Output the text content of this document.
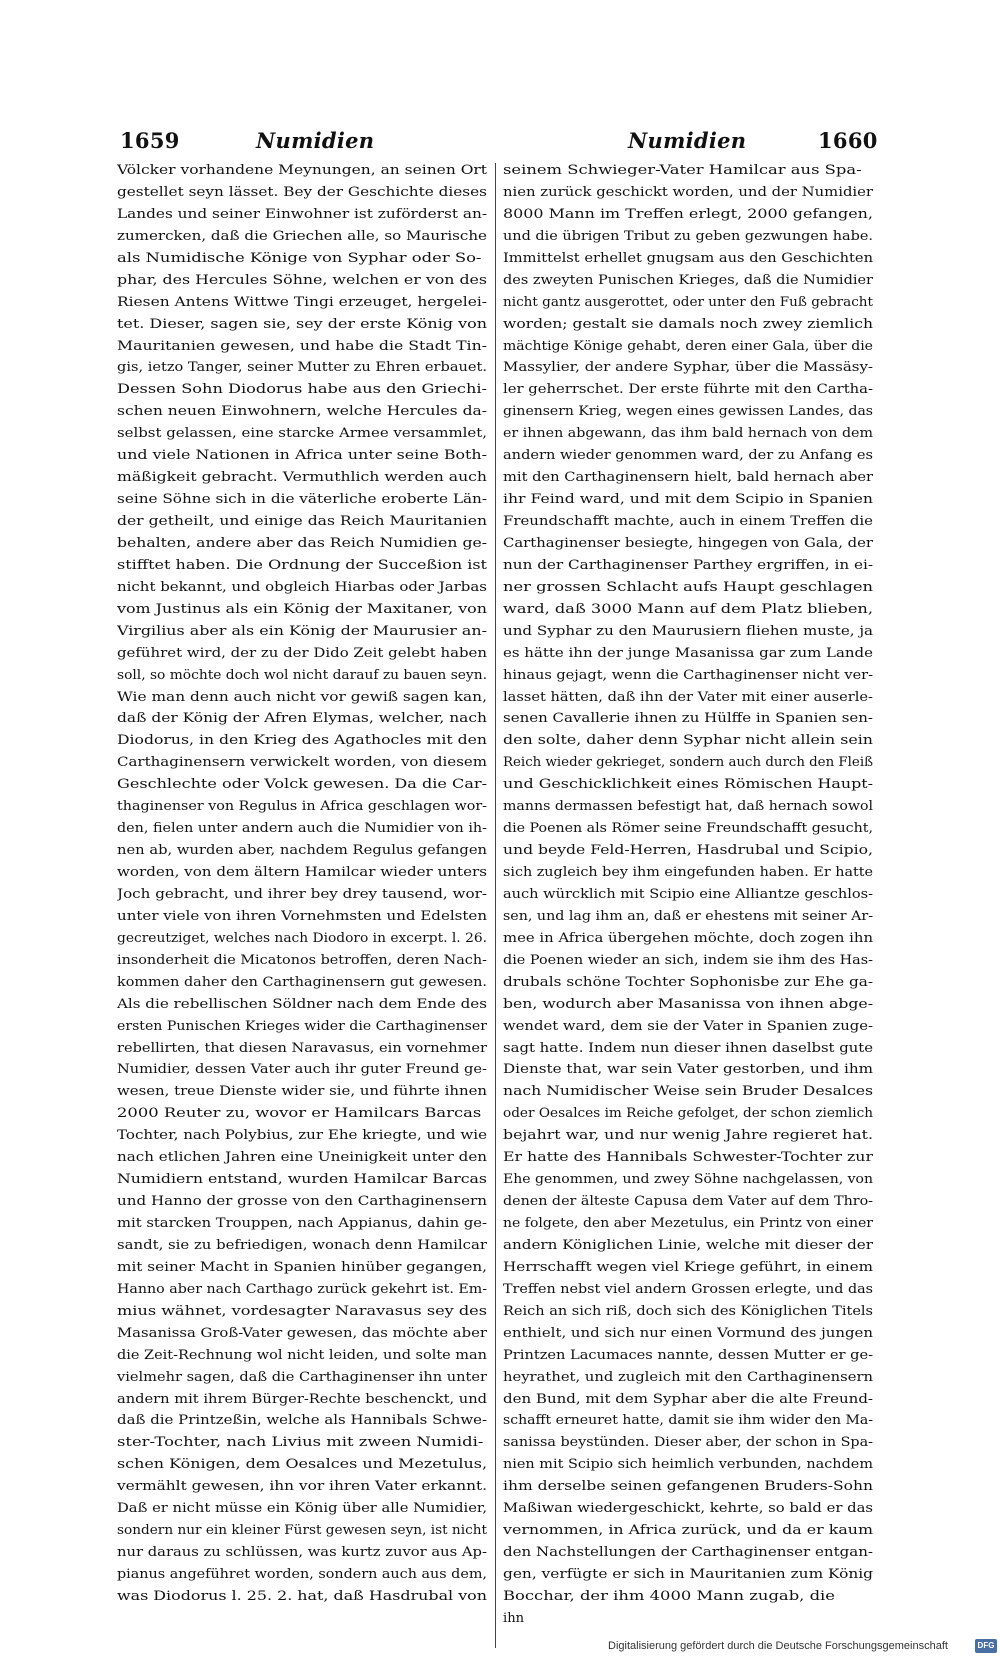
1659	Numidien	Numidien	1660
Völcker vorhandene Meynungen, an seinen Ort
gestellet seyn lässet. Bey der Geschichte dieses
Landes und seiner Einwohner ist zuförderst an-
zumercken, daß die Griechen alle, so Maurische
als Numidische Könige von Syphar oder So-
phar, des Hercules Söhne, welchen er von des
Riesen Antens Wittwe Tingi erzeuget, hergelei-
tet. Dieser, sagen sie, sey der erste König von
Mauritanien gewesen, und habe die Stadt Tin-
gis, ietzo Tanger, seiner Mutter zu Ehren erbauet.
Dessen Sohn Diodorus habe aus den Griechi-
schen neuen Einwohnern, welche Hercules da-
selbst gelassen, eine starcke Armee versammlet,
und viele Nationen in Africa unter seine Both-
mäßigkeit gebracht. Vermuthlich werden auch
seine Söhne sich in die väterliche eroberte Län-
der getheilt, und einige das Reich Mauritanien
behalten, andere aber das Reich Numidien ge-
stifftet haben. Die Ordnung der Succeßion ist
nicht bekannt, und obgleich Hiarbas oder Jarbas
vom Justinus als ein König der Maxitaner, von
Virgilius aber als ein König der Maurusier an-
geführet wird, der zu der Dido Zeit gelebt haben
soll, so möchte doch wol nicht darauf zu bauen seyn.
Wie man denn auch nicht vor gewiß sagen kan,
daß der König der Afren Elymas, welcher, nach
Diodorus, in den Krieg des Agathocles mit den
Carthaginensern verwickelt worden, von diesem
Geschlechte oder Volck gewesen. Da die Car-
thaginenser von Regulus in Africa geschlagen wor-
den, fielen unter andern auch die Numidier von ih-
nen ab, wurden aber, nachdem Regulus gefangen
worden, von dem ältern Hamilcar wieder unters
Joch gebracht, und ihrer bey drey tausend, wor-
unter viele von ihren Vornehmsten und Edelsten
gecreutziget, welches nach Diodoro in excerpt. l. 26.
insonderheit die Micatonos betroffen, deren Nach-
kommen daher den Carthaginensern gut gewesen.
Als die rebellischen Söldner nach dem Ende des
ersten Punischen Krieges wider die Carthaginenser
rebellirten, that diesen Naravasus, ein vornehmer
Numidier, dessen Vater auch ihr guter Freund ge-
wesen, treue Dienste wider sie, und führte ihnen
2000 Reuter zu, wovor er Hamilcars Barcas
Tochter, nach Polybius, zur Ehe kriegte, und wie
nach etlichen Jahren eine Uneinigkeit unter den
Numidiern entstand, wurden Hamilcar Barcas
und Hanno der grosse von den Carthaginensern
mit starcken Trouppen, nach Appianus, dahin ge-
sandt, sie zu befriedigen, wonach denn Hamilcar
mit seiner Macht in Spanien hinüber gegangen,
Hanno aber nach Carthago zurück gekehrt ist. Em-
mius wähnet, vordesagter Naravasus sey des
Masanissa Groß-Vater gewesen, das möchte aber
die Zeit-Rechnung wol nicht leiden, und solte man
vielmehr sagen, daß die Carthaginenser ihn unter
andern mit ihrem Bürger-Rechte beschenckt, und
daß die Printzeßin, welche als Hannibals Schwe-
ster-Tochter, nach Livius mit zween Numidi-
schen Königen, dem Oesalces und Mezetulus,
vermählt gewesen, ihn vor ihren Vater erkannt.
Daß er nicht müsse ein König über alle Numidier,
sondern nur ein kleiner Fürst gewesen seyn, ist nicht
nur daraus zu schlüssen, was kurtz zuvor aus Ap-
pianus angeführet worden, sondern auch aus dem,
was Diodorus l. 25. 2. hat, daß Hasdrubal von
seinem Schwieger-Vater Hamilcar aus Spa-
nien zurück geschickt worden, und der Numidier
8000 Mann im Treffen erlegt, 2000 gefangen,
und die übrigen Tribut zu geben gezwungen habe.
Immittelst erhellet gnugsam aus den Geschichten
des zweyten Punischen Krieges, daß die Numidier
nicht gantz ausgerottet, oder unter den Fuß gebracht
worden; gestalt sie damals noch zwey ziemlich
mächtige Könige gehabt, deren einer Gala, über die
Massylier, der andere Syphar, über die Massäsy-
ler geherrschet. Der erste führte mit den Cartha-
ginensern Krieg, wegen eines gewissen Landes, das
er ihnen abgewann, das ihm bald hernach von dem
andern wieder genommen ward, der zu Anfang es
mit den Carthaginensern hielt, bald hernach aber
ihr Feind ward, und mit dem Scipio in Spanien
Freundschafft machte, auch in einem Treffen die
Carthaginenser besiegte, hingegen von Gala, der
nun der Carthaginenser Parthey ergriffen, in ei-
ner grossen Schlacht aufs Haupt geschlagen
ward, daß 3000 Mann auf dem Platz blieben,
und Syphar zu den Maurusiern fliehen muste, ja
es hätte ihn der junge Masanissa gar zum Lande
hinaus gejagt, wenn die Carthaginenser nicht ver-
lasset hätten, daß ihn der Vater mit einer auserle-
senen Cavallerie ihnen zu Hülffe in Spanien sen-
den solte, daher denn Syphar nicht allein sein
Reich wieder gekrieget, sondern auch durch den Fleiß
und Geschicklichkeit eines Römischen Haupt-
manns dermassen befestigt hat, daß hernach sowol
die Poenen als Römer seine Freundschafft gesucht,
und beyde Feld-Herren, Hasdrubal und Scipio,
sich zugleich bey ihm eingefunden haben. Er hatte
auch würcklich mit Scipio eine Alliantze geschlos-
sen, und lag ihm an, daß er ehestens mit seiner Ar-
mee in Africa übergehen möchte, doch zogen ihn
die Poenen wieder an sich, indem sie ihm des Has-
drubals schöne Tochter Sophonisbe zur Ehe ga-
ben, wodurch aber Masanissa von ihnen abge-
wendet ward, dem sie der Vater in Spanien zuge-
sagt hatte. Indem nun dieser ihnen daselbst gute
Dienste that, war sein Vater gestorben, und ihm
nach Numidischer Weise sein Bruder Desalces
oder Oesalces im Reiche gefolget, der schon ziemlich
bejahrt war, und nur wenig Jahre regieret hat.
Er hatte des Hannibals Schwester-Tochter zur
Ehe genommen, und zwey Söhne nachgelassen, von
denen der älteste Capusa dem Vater auf dem Thro-
ne folgete, den aber Mezetulus, ein Printz von einer
andern Königlichen Linie, welche mit dieser der
Herrschafft wegen viel Kriege geführt, in einem
Treffen nebst viel andern Grossen erlegte, und das
Reich an sich riß, doch sich des Königlichen Titels
enthielt, und sich nur einen Vormund des jungen
Printzen Lacumaces nannte, dessen Mutter er ge-
heyrathet, und zugleich mit den Carthaginensern
den Bund, mit dem Syphar aber die alte Freund-
schafft erneuret hatte, damit sie ihm wider den Ma-
sanissa beystünden. Dieser aber, der schon in Spa-
nien mit Scipio sich heimlich verbunden, nachdem
ihm derselbe seinen gefangenen Bruders-Sohn
Maßiwan wiedergeschickt, kehrte, so bald er das
vernommen, in Africa zurück, und da er kaum
den Nachstellungen der Carthaginenser entgan-
gen, verfügte er sich in Mauritanien zum König
Bocchar, der ihm 4000 Mann zugab, die
ihn
Digitalisierung gefördert durch die Deutsche Forschungsgemeinschaft	DFG
